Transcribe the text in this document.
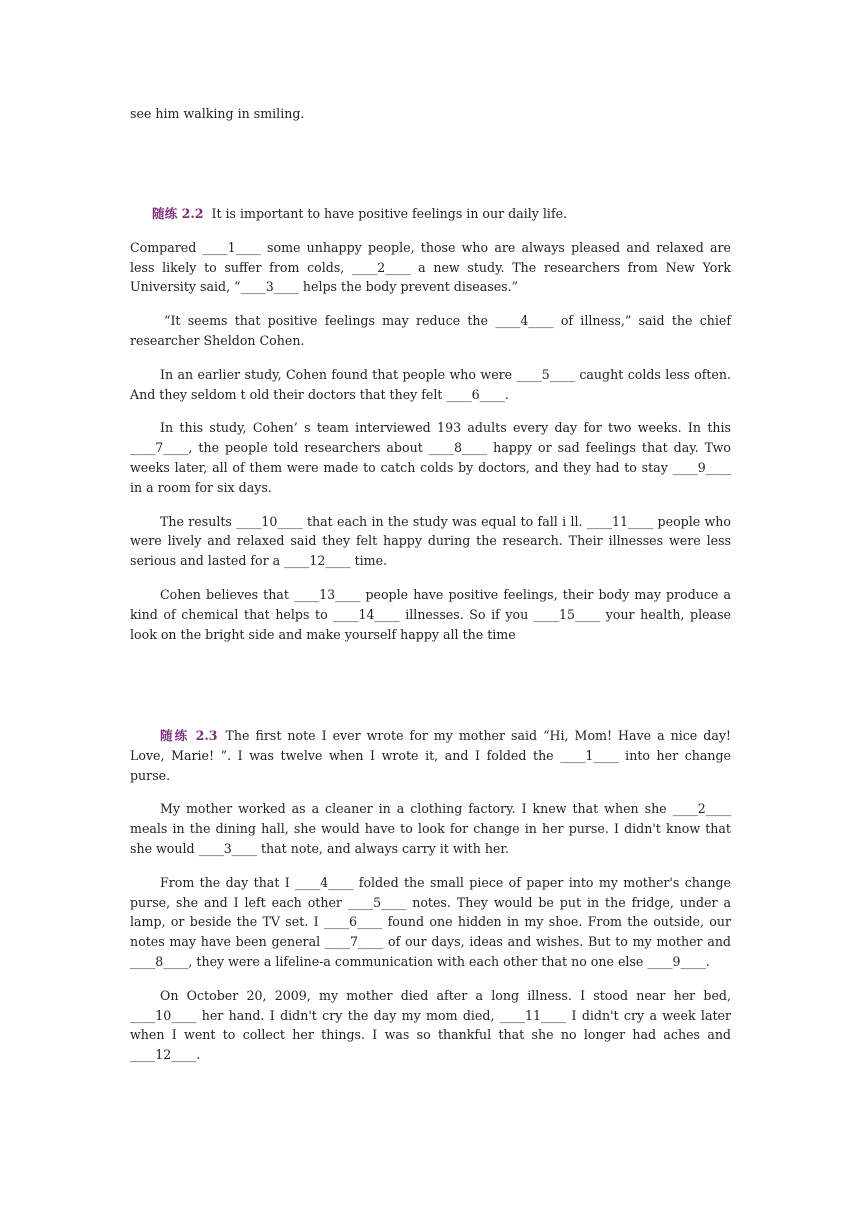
see him walking in smiling.

随练 2.2 It is important to have positive feelings in our daily life.

Compared ____1____ some unhappy people, those who are always pleased and relaxed are less likely to suffer from colds, ____2____ a new study. The researchers from New York University said, “____3____ helps the body prevent diseases.”

“It seems that positive feelings may reduce the ____4____ of illness,” said the chief researcher Sheldon Cohen.

In an earlier study, Cohen found that people who were ____5____ caught colds less often. And they seldom t old their doctors that they felt ____6____.

In this study, Cohen’ s team interviewed 193 adults every day for two weeks. In this ____7____, the people told researchers about ____8____ happy or sad feelings that day. Two weeks later, all of them were made to catch colds by doctors, and they had to stay ____9____ in a room for six days.

The results ____10____ that each in the study was equal to fall i ll. ____11____ people who were lively and relaxed said they felt happy during the research. Their illnesses were less serious and lasted for a ____12____ time.

Cohen believes that ____13____ people have positive feelings, their body may produce a kind of chemical that helps to ____14____ illnesses. So if you ____15____ your health, please look on the bright side and make yourself happy all the time

随练 2.3 The first note I ever wrote for my mother said “Hi, Mom! Have a nice day! Love, Marie! ”. I was twelve when I wrote it, and I folded the ____1____ into her change purse.

My mother worked as a cleaner in a clothing factory. I knew that when she ____2____ meals in the dining hall, she would have to look for change in her purse. I didn't know that she would ____3____ that note, and always carry it with her.

From the day that I ____4____ folded the small piece of paper into my mother's change purse, she and I left each other ____5____ notes. They would be put in the fridge, under a lamp, or beside the TV set. I ____6____ found one hidden in my shoe. From the outside, our notes may have been general ____7____ of our days, ideas and wishes. But to my mother and ____8____, they were a lifeline-a communication with each other that no one else ____9____.

On October 20, 2009, my mother died after a long illness. I stood near her bed, ____10____ her hand. I didn't cry the day my mom died, ____11____ I didn't cry a week later when I went to collect her things. I was so thankful that she no longer had aches and ____12____.
